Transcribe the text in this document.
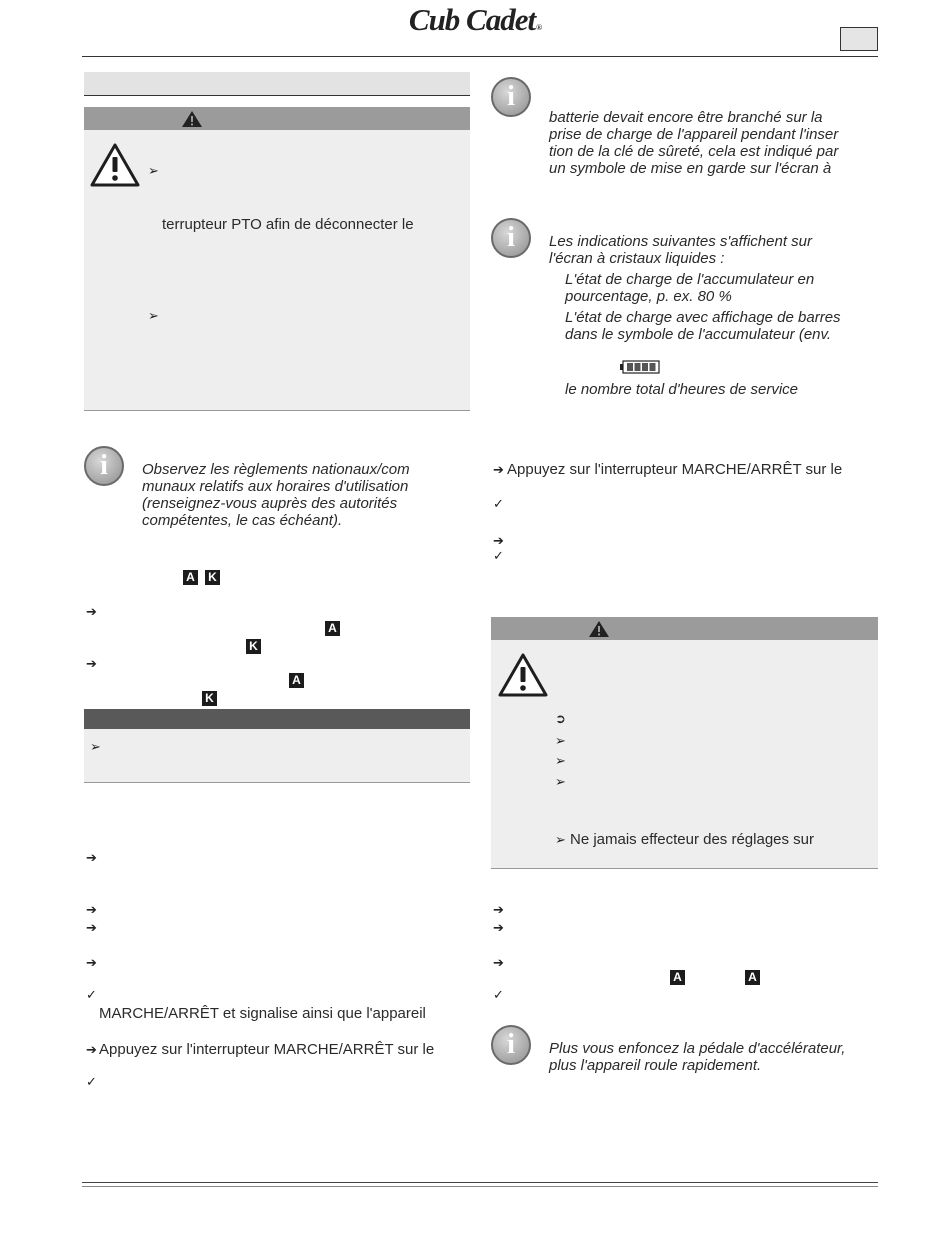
Cub Cadet®
➢
terrupteur PTO afin de déconnecter le
➢
i	Observez les règlements nationaux/com
munaux relatifs aux horaires d'utilisation
(renseignez-vous auprès des autorités
compétentes, le cas échéant).
A K
➔
A
K
➔
A
K
➢
➔
➔
➔
➔
✓
MARCHE/ARRÊT et signalise ainsi que l'appareil
➔ Appuyez sur l'interrupteur MARCHE/ARRÊT sur le
✓
i
batterie devait encore être branché sur la
prise de charge de l'appareil pendant l'inser
tion de la clé de sûreté, cela est indiqué par
un symbole de mise en garde sur l'écran à
i	Les indications suivantes s'affichent sur
l'écran à cristaux liquides :
L'état de charge de l'accumulateur en
pourcentage, p. ex. 80 %
L'état de charge avec affichage de barres
dans le symbole de l'accumulateur (env.
le nombre total d'heures de service
➔ Appuyez sur l'interrupteur MARCHE/ARRÊT sur le
✓
➔
✓
➲
➢
➢
➢
➢ Ne jamais effecteur des réglages sur
➔
➔
➔
A	A
✓
i	Plus vous enfoncez la pédale d'accélérateur,
plus l'appareil roule rapidement.
